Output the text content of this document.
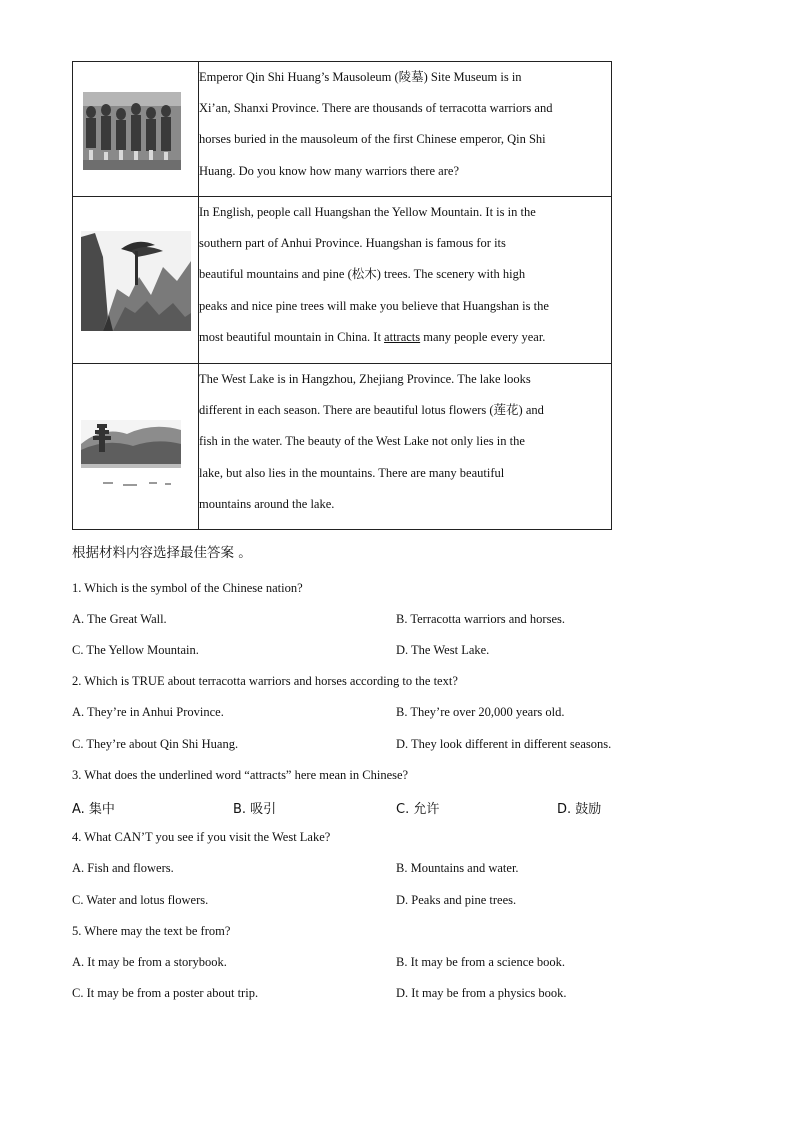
Emperor Qin Shi Huang’s Mausoleum (陵墓) Site Museum is in
Xi’an, Shanxi Province. There are thousands of terracotta warriors and
horses buried in the mausoleum of the first Chinese emperor, Qin Shi
Huang. Do you know how many warriors there are?

In English, people call Huangshan the Yellow Mountain. It is in the
southern part of Anhui Province. Huangshan is famous for its
beautiful mountains and pine (松木) trees. The scenery with high
peaks and nice pine trees will make you believe that Huangshan is the
most beautiful mountain in China. It attracts many people every year.

The West Lake is in Hangzhou, Zhejiang Province. The lake looks
different in each season. There are beautiful lotus flowers (莲花) and
fish in the water. The beauty of the West Lake not only lies in the
lake, but also lies in the mountains. There are many beautiful
mountains around the lake.
根据材料内容选择最佳答案 。
1. Which is the symbol of the Chinese nation?
A. The Great Wall.	B. Terracotta warriors and horses.
C. The Yellow Mountain.	D. The West Lake.
2. Which is TRUE about terracotta warriors and horses according to the text?
A. They’re in Anhui Province.	B. They’re over 20,000 years old.
C. They’re about Qin Shi Huang.	D. They look different in different seasons.
3. What does the underlined word “attracts” here mean in Chinese?
A. 集中	B. 吸引	C. 允许	D. 鼓励
4. What CAN’T you see if you visit the West Lake?
A. Fish and flowers.	B. Mountains and water.
C. Water and lotus flowers.	D. Peaks and pine trees.
5. Where may the text be from?
A. It may be from a storybook.	B. It may be from a science book.
C. It may be from a poster about trip.	D. It may be from a physics book.
